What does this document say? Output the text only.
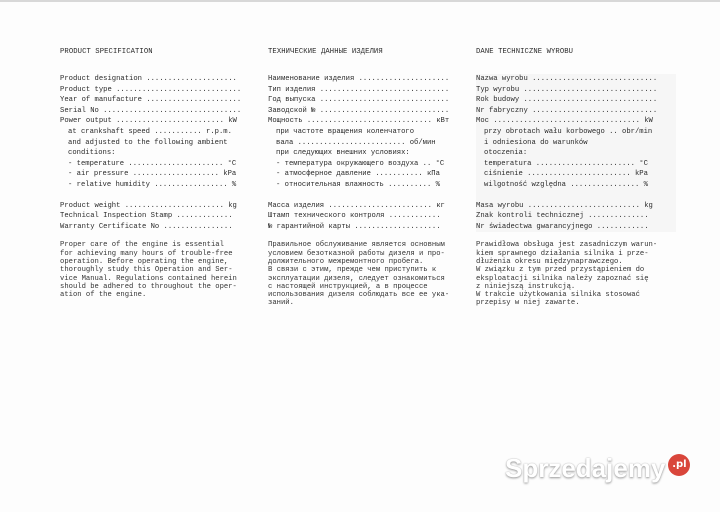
PRODUCT SPECIFICATION
Product designation .....................
Product type .............................
Year of manufacture ......................
Serial No ................................
Power output ......................... kW
at crankshaft speed ........... r.p.m.
and adjusted to the following ambient
conditions:
- temperature ...................... °C
- air pressure .................... kPa
- relative humidity ................. %
Product weight ....................... kg
Technical Inspection Stamp .............
Warranty Certificate No ................
Proper care of the engine is essential
for achieving many hours of trouble-free
operation. Before operating the engine,
thoroughly study this Operation and Ser-
vice Manual. Regulations contained herein
should be adhered to throughout the oper-
ation of the engine.
ТЕХНИЧЕСКИЕ ДАННЫЕ ИЗДЕЛИЯ
Наименование изделия .....................
Тип изделия ..............................
Год выпуска ..............................
Заводской № ..............................
Мощность ............................. кВт
при частоте вращения коленчатого
вала ......................... об/мин
при следующих внешних условиях:
- температура окружающего воздуха .. °C
- атмосферное давление ........... кПа
- относительная влажность .......... %
Масса изделия ........................ кг
Штамп технического контроля ............
№ гарантийной карты ....................
Правильное обслуживание является основным
условием безотказной работы дизеля и про-
должительного межремонтного пробега.
В связи с этим, прежде чем приступить к
эксплуатации дизеля, следует ознакомиться
с настоящей инструкцией, а в процессе
использования дизеля соблюдать все ее ука-
заний.
DANE TECHNICZNE WYROBU
Nazwa wyrobu .............................
Typ wyrobu ...............................
Rok budowy ...............................
Nr fabryczny .............................
Moc .................................. kW
przy obrotach wału korbowego .. obr/min
i odniesiona do warunków
otoczenia:
temperatura ....................... °C
ciśnienie ........................ kPa
wilgotność względna ................ %
Masa wyrobu .......................... kg
Znak kontroli technicznej ..............
Nr świadectwa gwarancyjnego ............
Prawidłowa obsługa jest zasadniczym warun-
kiem sprawnego działania silnika i prze-
dłużenia okresu międzynaprawczego.
W związku z tym przed przystąpieniem do
eksploatacji silnika należy zapoznać się
z niniejszą instrukcją.
W trakcie użytkowania silnika stosować
przepisy w niej zawarte.
Sprzedajemy .pl
